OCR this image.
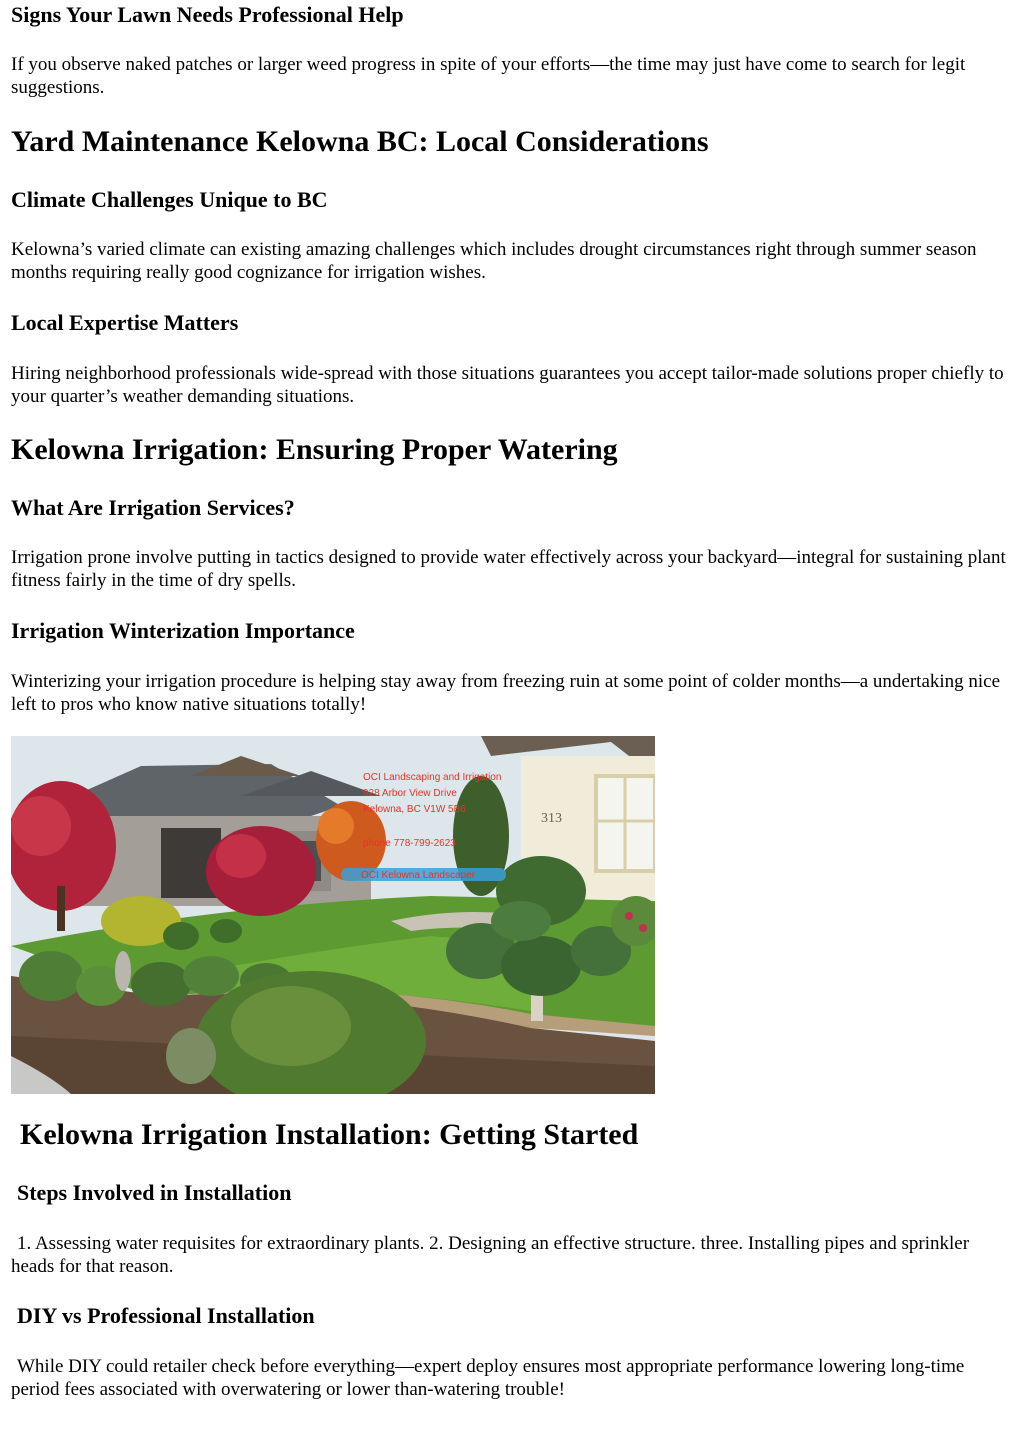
Signs Your Lawn Needs Professional Help

If you observe naked patches or larger weed progress in spite of your efforts—the time may just have come to search for legit suggestions.

Yard Maintenance Kelowna BC: Local Considerations
Climate Challenges Unique to BC

Kelowna’s varied climate can existing amazing challenges which includes drought circumstances right through summer season months requiring really good cognizance for irrigation wishes.

Local Expertise Matters

Hiring neighborhood professionals wide-spread with those situations guarantees you accept tailor-made solutions proper chiefly to your quarter’s weather demanding situations.

Kelowna Irrigation: Ensuring Proper Watering
What Are Irrigation Services?

Irrigation prone involve putting in tactics designed to provide water effectively across your backyard—integral for sustaining plant fitness fairly in the time of dry spells.

Irrigation Winterization Importance

Winterizing your irrigation procedure is helping stay away from freezing ruin at some point of colder months—a undertaking nice left to pros who know native situations totally!

313
OCI Landscaping and Irrigation
928 Arbor View Drive
Kelowna, BC V1W 5B6
phone 778-799-2623
OCI Kelowna Landscaper
Kelowna Irrigation Installation: Getting Started
Steps Involved in Installation

1. Assessing water requisites for extraordinary plants. 2. Designing an effective structure. three. Installing pipes and sprinkler heads for that reason.

DIY vs Professional Installation

While DIY could retailer check before everything—expert deploy ensures most appropriate performance lowering long-time period fees associated with overwatering or lower than-watering trouble!
